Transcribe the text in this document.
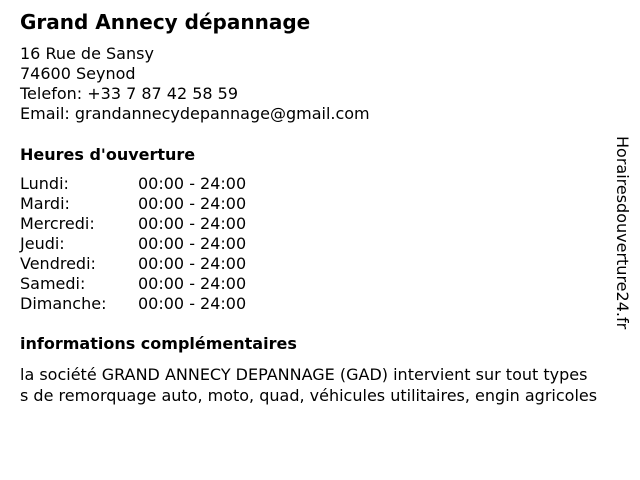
Grand Annecy dépannage
16 Rue de Sansy
74600 Seynod
Telefon: +33 7 87 42 58 59
Email: grandannecydepannage@gmail.com
Heures d'ouverture
Lundi:	00:00 - 24:00
Mardi:	00:00 - 24:00
Mercredi:	00:00 - 24:00
Jeudi:	00:00 - 24:00
Vendredi:	00:00 - 24:00
Samedi:	00:00 - 24:00
Dimanche:	00:00 - 24:00
informations complémentaires
la société GRAND ANNECY DEPANNAGE (GAD) intervient sur tout types
s de remorquage auto, moto, quad, véhicules utilitaires, engin agricoles
Horairesdouverture24.fr
